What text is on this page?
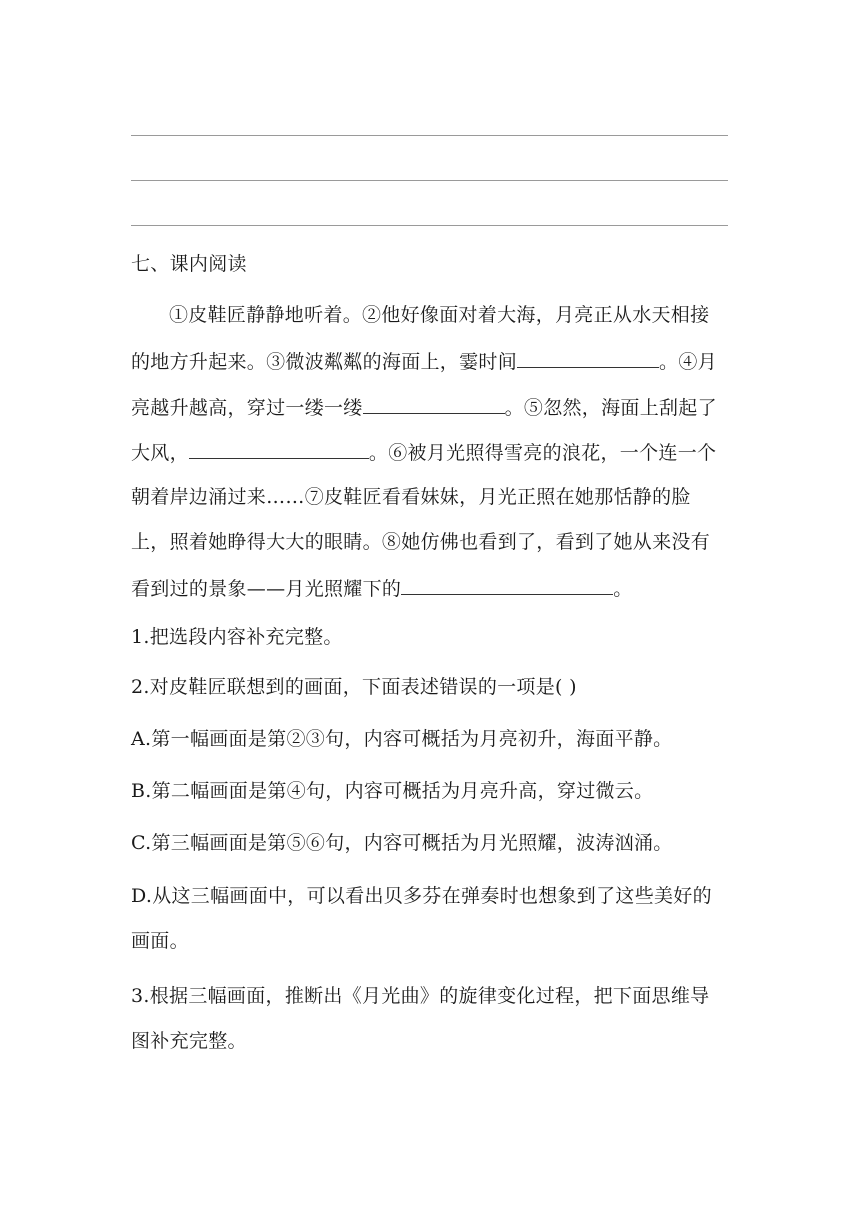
七、课内阅读
①皮鞋匠静静地听着。②他好像面对着大海，月亮正从水天相接
的地方升起来。③微波粼粼的海面上，霎时间	。④月
亮越升越高，穿过一缕一缕	。⑤忽然，海面上刮起了
大风，	。⑥被月光照得雪亮的浪花，一个连一个
朝着岸边涌过来……⑦皮鞋匠看看妹妹，月光正照在她那恬静的脸
上，照着她睁得大大的眼睛。⑧她仿佛也看到了，看到了她从来没有
看到过的景象——月光照耀下的	。
1.把选段内容补充完整。
2.对皮鞋匠联想到的画面，下面表述错误的一项是( )
A.第一幅画面是第②③句，内容可概括为月亮初升，海面平静。
B.第二幅画面是第④句，内容可概括为月亮升高，穿过微云。
C.第三幅画面是第⑤⑥句，内容可概括为月光照耀，波涛汹涌。
D.从这三幅画面中，可以看出贝多芬在弹奏时也想象到了这些美好的
画面。
3.根据三幅画面，推断出《月光曲》的旋律变化过程，把下面思维导
图补充完整。
